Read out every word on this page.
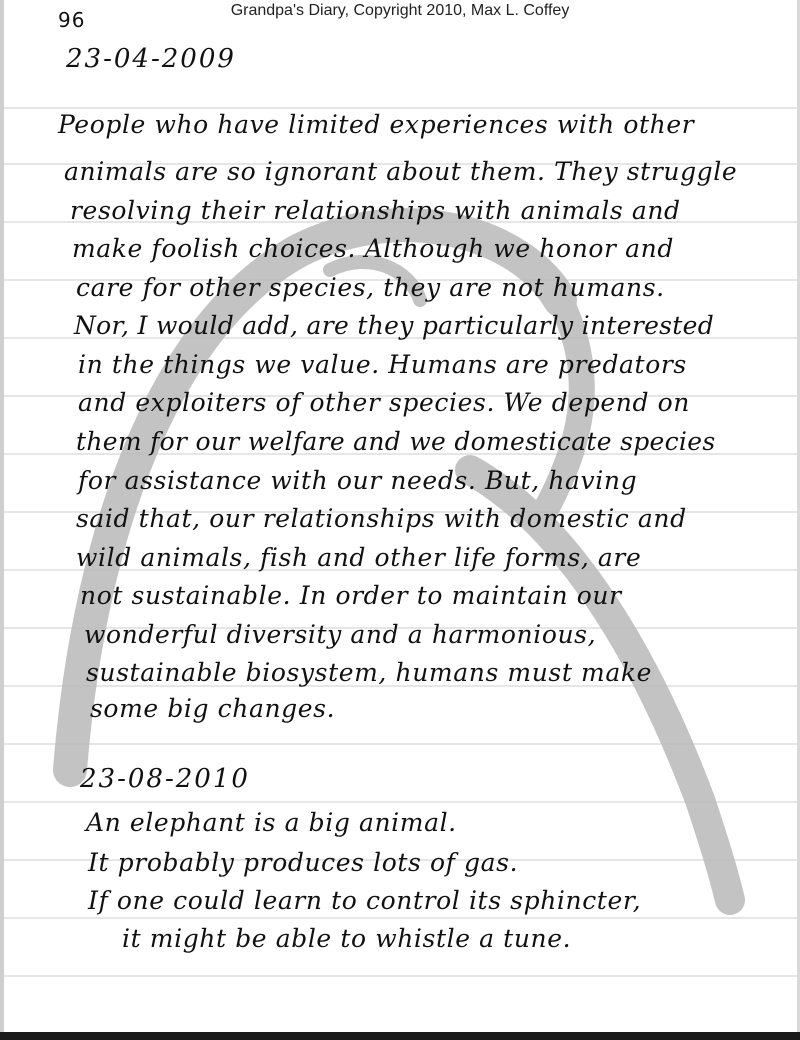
96	Grandpa's Diary, Copyright 2010, Max L. Coffey
23-04-2009
People who have limited experiences with other
animals are so ignorant about them. They struggle
resolving their relationships with animals and
make foolish choices. Although we honor and
care for other species, they are not humans.
Nor, I would add, are they particularly interested
in the things we value. Humans are predators
and exploiters of other species. We depend on
them for our welfare and we domesticate species
for assistance with our needs. But, having
said that, our relationships with domestic and
wild animals, fish and other life forms, are
not sustainable. In order to maintain our
wonderful diversity and a harmonious,
sustainable biosystem, humans must make
some big changes.
23-08-2010
An elephant is a big animal.
It probably produces lots of gas.
If one could learn to control its sphincter,
it might be able to whistle a tune.
